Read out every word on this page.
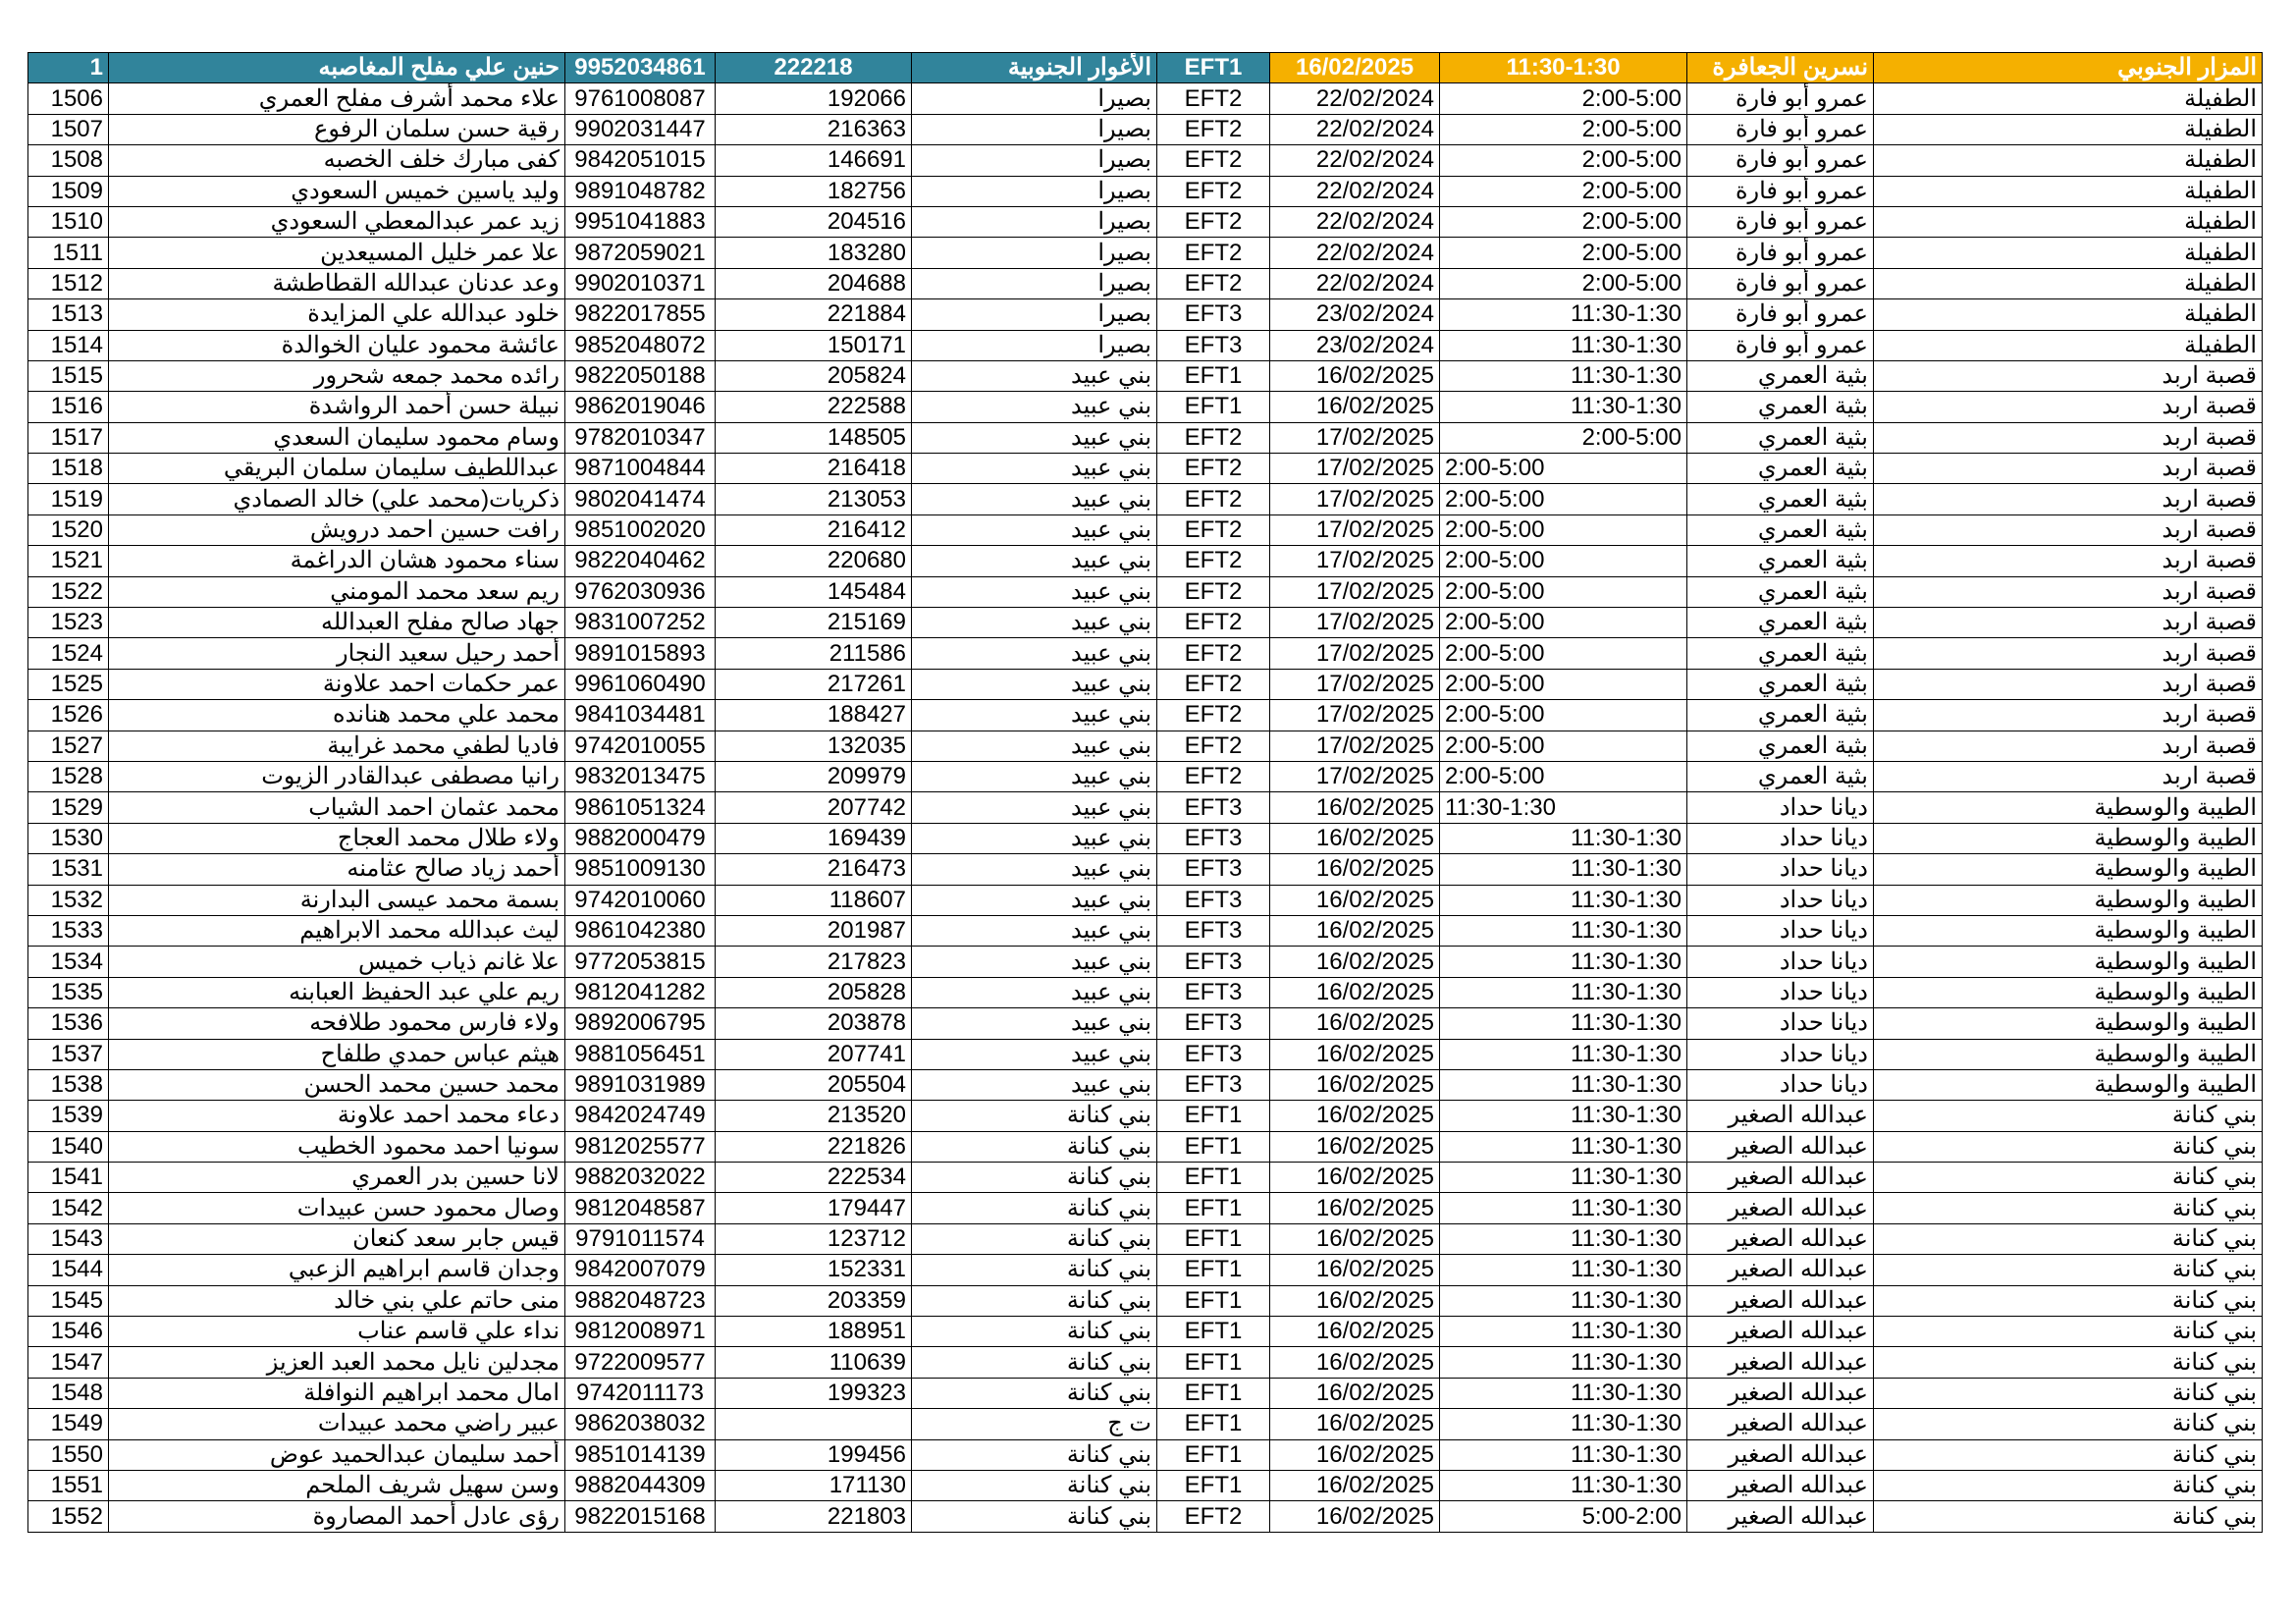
1	حنين علي مفلح المغاصبه	9952034861	222218	الأغوار الجنوبية	EFT1	16/02/2025	11:30-1:30	نسرين الجعافرة	المزار الجنوبي
1506	علاء محمد أشرف مفلح العمري	9761008087	192066	بصيرا	EFT2	22/02/2024	2:00-5:00	عمرو أبو فارة	الطفيلة
1507	رقية حسن سلمان الرفوع	9902031447	216363	بصيرا	EFT2	22/02/2024	2:00-5:00	عمرو أبو فارة	الطفيلة
1508	كفى مبارك خلف الخصبه	9842051015	146691	بصيرا	EFT2	22/02/2024	2:00-5:00	عمرو أبو فارة	الطفيلة
1509	وليد ياسين خميس السعودي	9891048782	182756	بصيرا	EFT2	22/02/2024	2:00-5:00	عمرو أبو فارة	الطفيلة
1510	زيد عمر عبدالمعطي السعودي	9951041883	204516	بصيرا	EFT2	22/02/2024	2:00-5:00	عمرو أبو فارة	الطفيلة
1511	علا عمر خليل المسيعدين	9872059021	183280	بصيرا	EFT2	22/02/2024	2:00-5:00	عمرو أبو فارة	الطفيلة
1512	وعد عدنان عبدالله القطاطشة	9902010371	204688	بصيرا	EFT2	22/02/2024	2:00-5:00	عمرو أبو فارة	الطفيلة
1513	خلود عبدالله علي المزايدة	9822017855	221884	بصيرا	EFT3	23/02/2024	11:30-1:30	عمرو أبو فارة	الطفيلة
1514	عائشة محمود عليان الخوالدة	9852048072	150171	بصيرا	EFT3	23/02/2024	11:30-1:30	عمرو أبو فارة	الطفيلة
1515	رائده محمد جمعه شحرور	9822050188	205824	بني عبيد	EFT1	16/02/2025	11:30-1:30	بثية العمري	قصبة اربد
1516	نبيلة حسن أحمد الرواشدة	9862019046	222588	بني عبيد	EFT1	16/02/2025	11:30-1:30	بثية العمري	قصبة اربد
1517	وسام محمود سليمان السعدي	9782010347	148505	بني عبيد	EFT2	17/02/2025	2:00-5:00	بثية العمري	قصبة اربد
1518	عبداللطيف سليمان سلمان البريقي	9871004844	216418	بني عبيد	EFT2	17/02/2025	2:00-5:00	بثية العمري	قصبة اربد
1519	ذكريات(محمد علي) خالد الصمادي	9802041474	213053	بني عبيد	EFT2	17/02/2025	2:00-5:00	بثية العمري	قصبة اربد
1520	رافت حسين احمد درويش	9851002020	216412	بني عبيد	EFT2	17/02/2025	2:00-5:00	بثية العمري	قصبة اربد
1521	سناء محمود هشان الدراغمة	9822040462	220680	بني عبيد	EFT2	17/02/2025	2:00-5:00	بثية العمري	قصبة اربد
1522	ريم سعد محمد المومني	9762030936	145484	بني عبيد	EFT2	17/02/2025	2:00-5:00	بثية العمري	قصبة اربد
1523	جهاد صالح مفلح العبدالله	9831007252	215169	بني عبيد	EFT2	17/02/2025	2:00-5:00	بثية العمري	قصبة اربد
1524	أحمد رحيل سعيد النجار	9891015893	211586	بني عبيد	EFT2	17/02/2025	2:00-5:00	بثية العمري	قصبة اربد
1525	عمر حكمات احمد علاونة	9961060490	217261	بني عبيد	EFT2	17/02/2025	2:00-5:00	بثية العمري	قصبة اربد
1526	محمد علي محمد هنانده	9841034481	188427	بني عبيد	EFT2	17/02/2025	2:00-5:00	بثية العمري	قصبة اربد
1527	فاديا لطفي محمد غرايبة	9742010055	132035	بني عبيد	EFT2	17/02/2025	2:00-5:00	بثية العمري	قصبة اربد
1528	رانيا مصطفى عبدالقادر الزيوت	9832013475	209979	بني عبيد	EFT2	17/02/2025	2:00-5:00	بثية العمري	قصبة اربد
1529	محمد عثمان احمد الشياب	9861051324	207742	بني عبيد	EFT3	16/02/2025	11:30-1:30	ديانا حداد	الطيبة والوسطية
1530	ولاء طلال محمد العجاج	9882000479	169439	بني عبيد	EFT3	16/02/2025	11:30-1:30	ديانا حداد	الطيبة والوسطية
1531	أحمد زياد صالح عثامنه	9851009130	216473	بني عبيد	EFT3	16/02/2025	11:30-1:30	ديانا حداد	الطيبة والوسطية
1532	بسمة محمد عيسى البدارنة	9742010060	118607	بني عبيد	EFT3	16/02/2025	11:30-1:30	ديانا حداد	الطيبة والوسطية
1533	ليث عبدالله محمد الابراهيم	9861042380	201987	بني عبيد	EFT3	16/02/2025	11:30-1:30	ديانا حداد	الطيبة والوسطية
1534	علا غانم ذياب خميس	9772053815	217823	بني عبيد	EFT3	16/02/2025	11:30-1:30	ديانا حداد	الطيبة والوسطية
1535	ريم علي عبد الحفيظ العبابنه	9812041282	205828	بني عبيد	EFT3	16/02/2025	11:30-1:30	ديانا حداد	الطيبة والوسطية
1536	ولاء فارس محمود طلافحه	9892006795	203878	بني عبيد	EFT3	16/02/2025	11:30-1:30	ديانا حداد	الطيبة والوسطية
1537	هيثم عباس حمدي طلفاح	9881056451	207741	بني عبيد	EFT3	16/02/2025	11:30-1:30	ديانا حداد	الطيبة والوسطية
1538	محمد حسين محمد الحسن	9891031989	205504	بني عبيد	EFT3	16/02/2025	11:30-1:30	ديانا حداد	الطيبة والوسطية
1539	دعاء محمد احمد علاونة	9842024749	213520	بني كنانة	EFT1	16/02/2025	11:30-1:30	عبدالله الصغير	بني كنانة
1540	سونيا احمد محمود الخطيب	9812025577	221826	بني كنانة	EFT1	16/02/2025	11:30-1:30	عبدالله الصغير	بني كنانة
1541	لانا حسين بدر العمري	9882032022	222534	بني كنانة	EFT1	16/02/2025	11:30-1:30	عبدالله الصغير	بني كنانة
1542	وصال محمود حسن عبيدات	9812048587	179447	بني كنانة	EFT1	16/02/2025	11:30-1:30	عبدالله الصغير	بني كنانة
1543	قيس جابر سعد كنعان	9791011574	123712	بني كنانة	EFT1	16/02/2025	11:30-1:30	عبدالله الصغير	بني كنانة
1544	وجدان قاسم ابراهيم الزعبي	9842007079	152331	بني كنانة	EFT1	16/02/2025	11:30-1:30	عبدالله الصغير	بني كنانة
1545	منى حاتم علي بني خالد	9882048723	203359	بني كنانة	EFT1	16/02/2025	11:30-1:30	عبدالله الصغير	بني كنانة
1546	نداء علي قاسم عناب	9812008971	188951	بني كنانة	EFT1	16/02/2025	11:30-1:30	عبدالله الصغير	بني كنانة
1547	مجدلين نايل محمد العبد العزيز	9722009577	110639	بني كنانة	EFT1	16/02/2025	11:30-1:30	عبدالله الصغير	بني كنانة
1548	امال محمد ابراهيم النوافلة	9742011173	199323	بني كنانة	EFT1	16/02/2025	11:30-1:30	عبدالله الصغير	بني كنانة
1549	عبير راضي محمد عبيدات	9862038032		ت ج	EFT1	16/02/2025	11:30-1:30	عبدالله الصغير	بني كنانة
1550	أحمد سليمان عبدالحميد عوض	9851014139	199456	بني كنانة	EFT1	16/02/2025	11:30-1:30	عبدالله الصغير	بني كنانة
1551	وسن سهيل شريف الملحم	9882044309	171130	بني كنانة	EFT1	16/02/2025	11:30-1:30	عبدالله الصغير	بني كنانة
1552	رؤى عادل أحمد المصاروة	9822015168	221803	بني كنانة	EFT2	16/02/2025	5:00-2:00	عبدالله الصغير	بني كنانة
